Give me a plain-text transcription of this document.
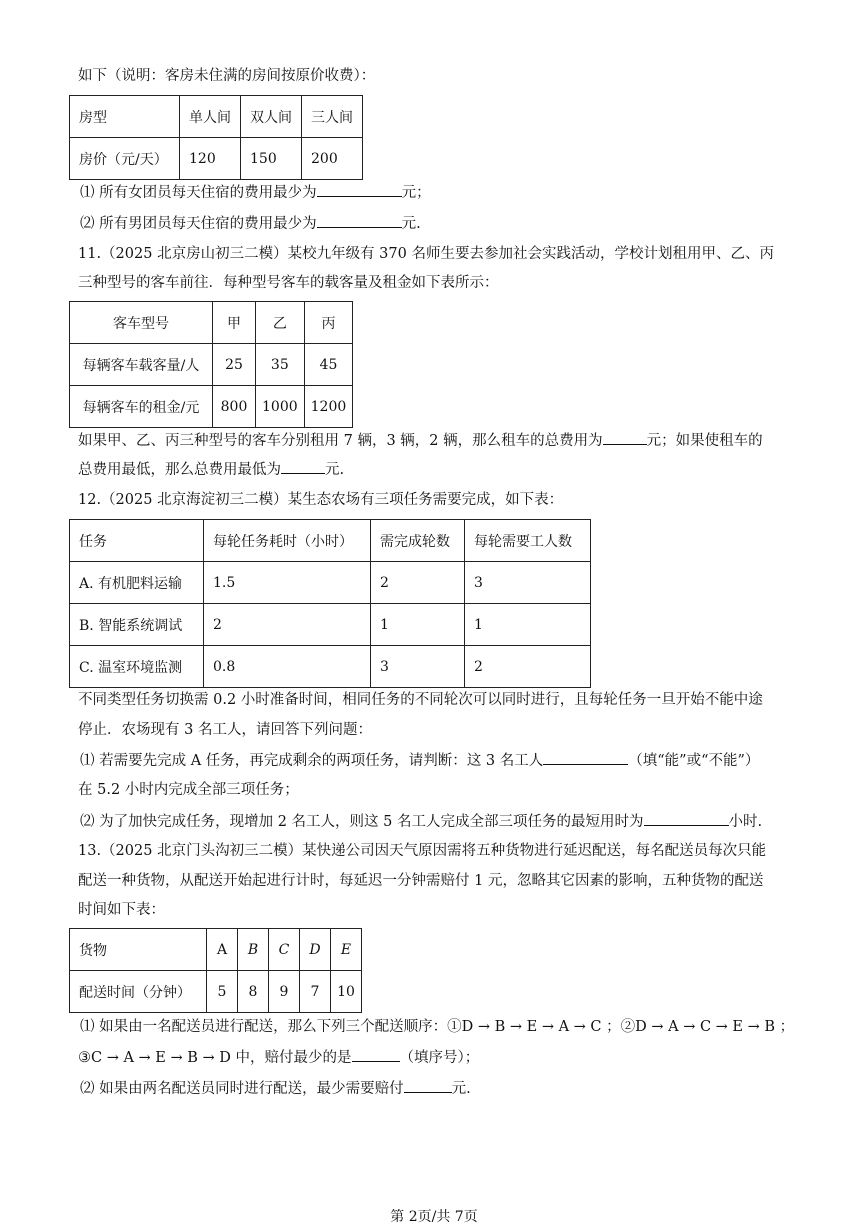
如下（说明：客房未住满的房间按原价收费）：
房型	单人间	双人间	三人间
房价（元/天）	120	150	200
⑴ 所有女团员每天住宿的费用最少为	元；
⑵ 所有男团员每天住宿的费用最少为	元.
11.（2025 北京房山初三二模）某校九年级有 370 名师生要去参加社会实践活动，学校计划租用甲、乙、丙
三种型号的客车前往．每种型号客车的载客量及租金如下表所示：
客车型号	甲	乙	丙
每辆客车载客量/人	25	35	45
每辆客车的租金/元	800	1000	1200
如果甲、乙、丙三种型号的客车分别租用 7 辆，3 辆，2 辆，那么租车的总费用为	元；如果使租车的
总费用最低，那么总费用最低为	元.
12.（2025 北京海淀初三二模）某生态农场有三项任务需要完成，如下表：
任务	每轮任务耗时（小时）	需完成轮数	每轮需要工人数
A. 有机肥料运输	1.5	2	3
B. 智能系统调试	2	1	1
C. 温室环境监测	0.8	3	2
不同类型任务切换需 0.2 小时准备时间，相同任务的不同轮次可以同时进行，且每轮任务一旦开始不能中途
停止．农场现有 3 名工人，请回答下列问题：
⑴ 若需要先完成 A 任务，再完成剩余的两项任务，请判断：这 3 名工人	（填“能”或“不能”）
在 5.2 小时内完成全部三项任务；
⑵ 为了加快完成任务，现增加 2 名工人，则这 5 名工人完成全部三项任务的最短用时为	小时.
13.（2025 北京门头沟初三二模）某快递公司因天气原因需将五种货物进行延迟配送，每名配送员每次只能
配送一种货物，从配送开始起进行计时，每延迟一分钟需赔付 1 元，忽略其它因素的影响，五种货物的配送
时间如下表：
货物	A	B	C	D	E
配送时间（分钟）	5	8	9	7	10
⑴ 如果由一名配送员进行配送，那么下列三个配送顺序：①D → B → E → A → C ；②D → A → C → E → B ；
③C → A → E → B → D 中，赔付最少的是	（填序号）；
⑵ 如果由两名配送员同时进行配送，最少需要赔付	元.
第 2页/共 7页
